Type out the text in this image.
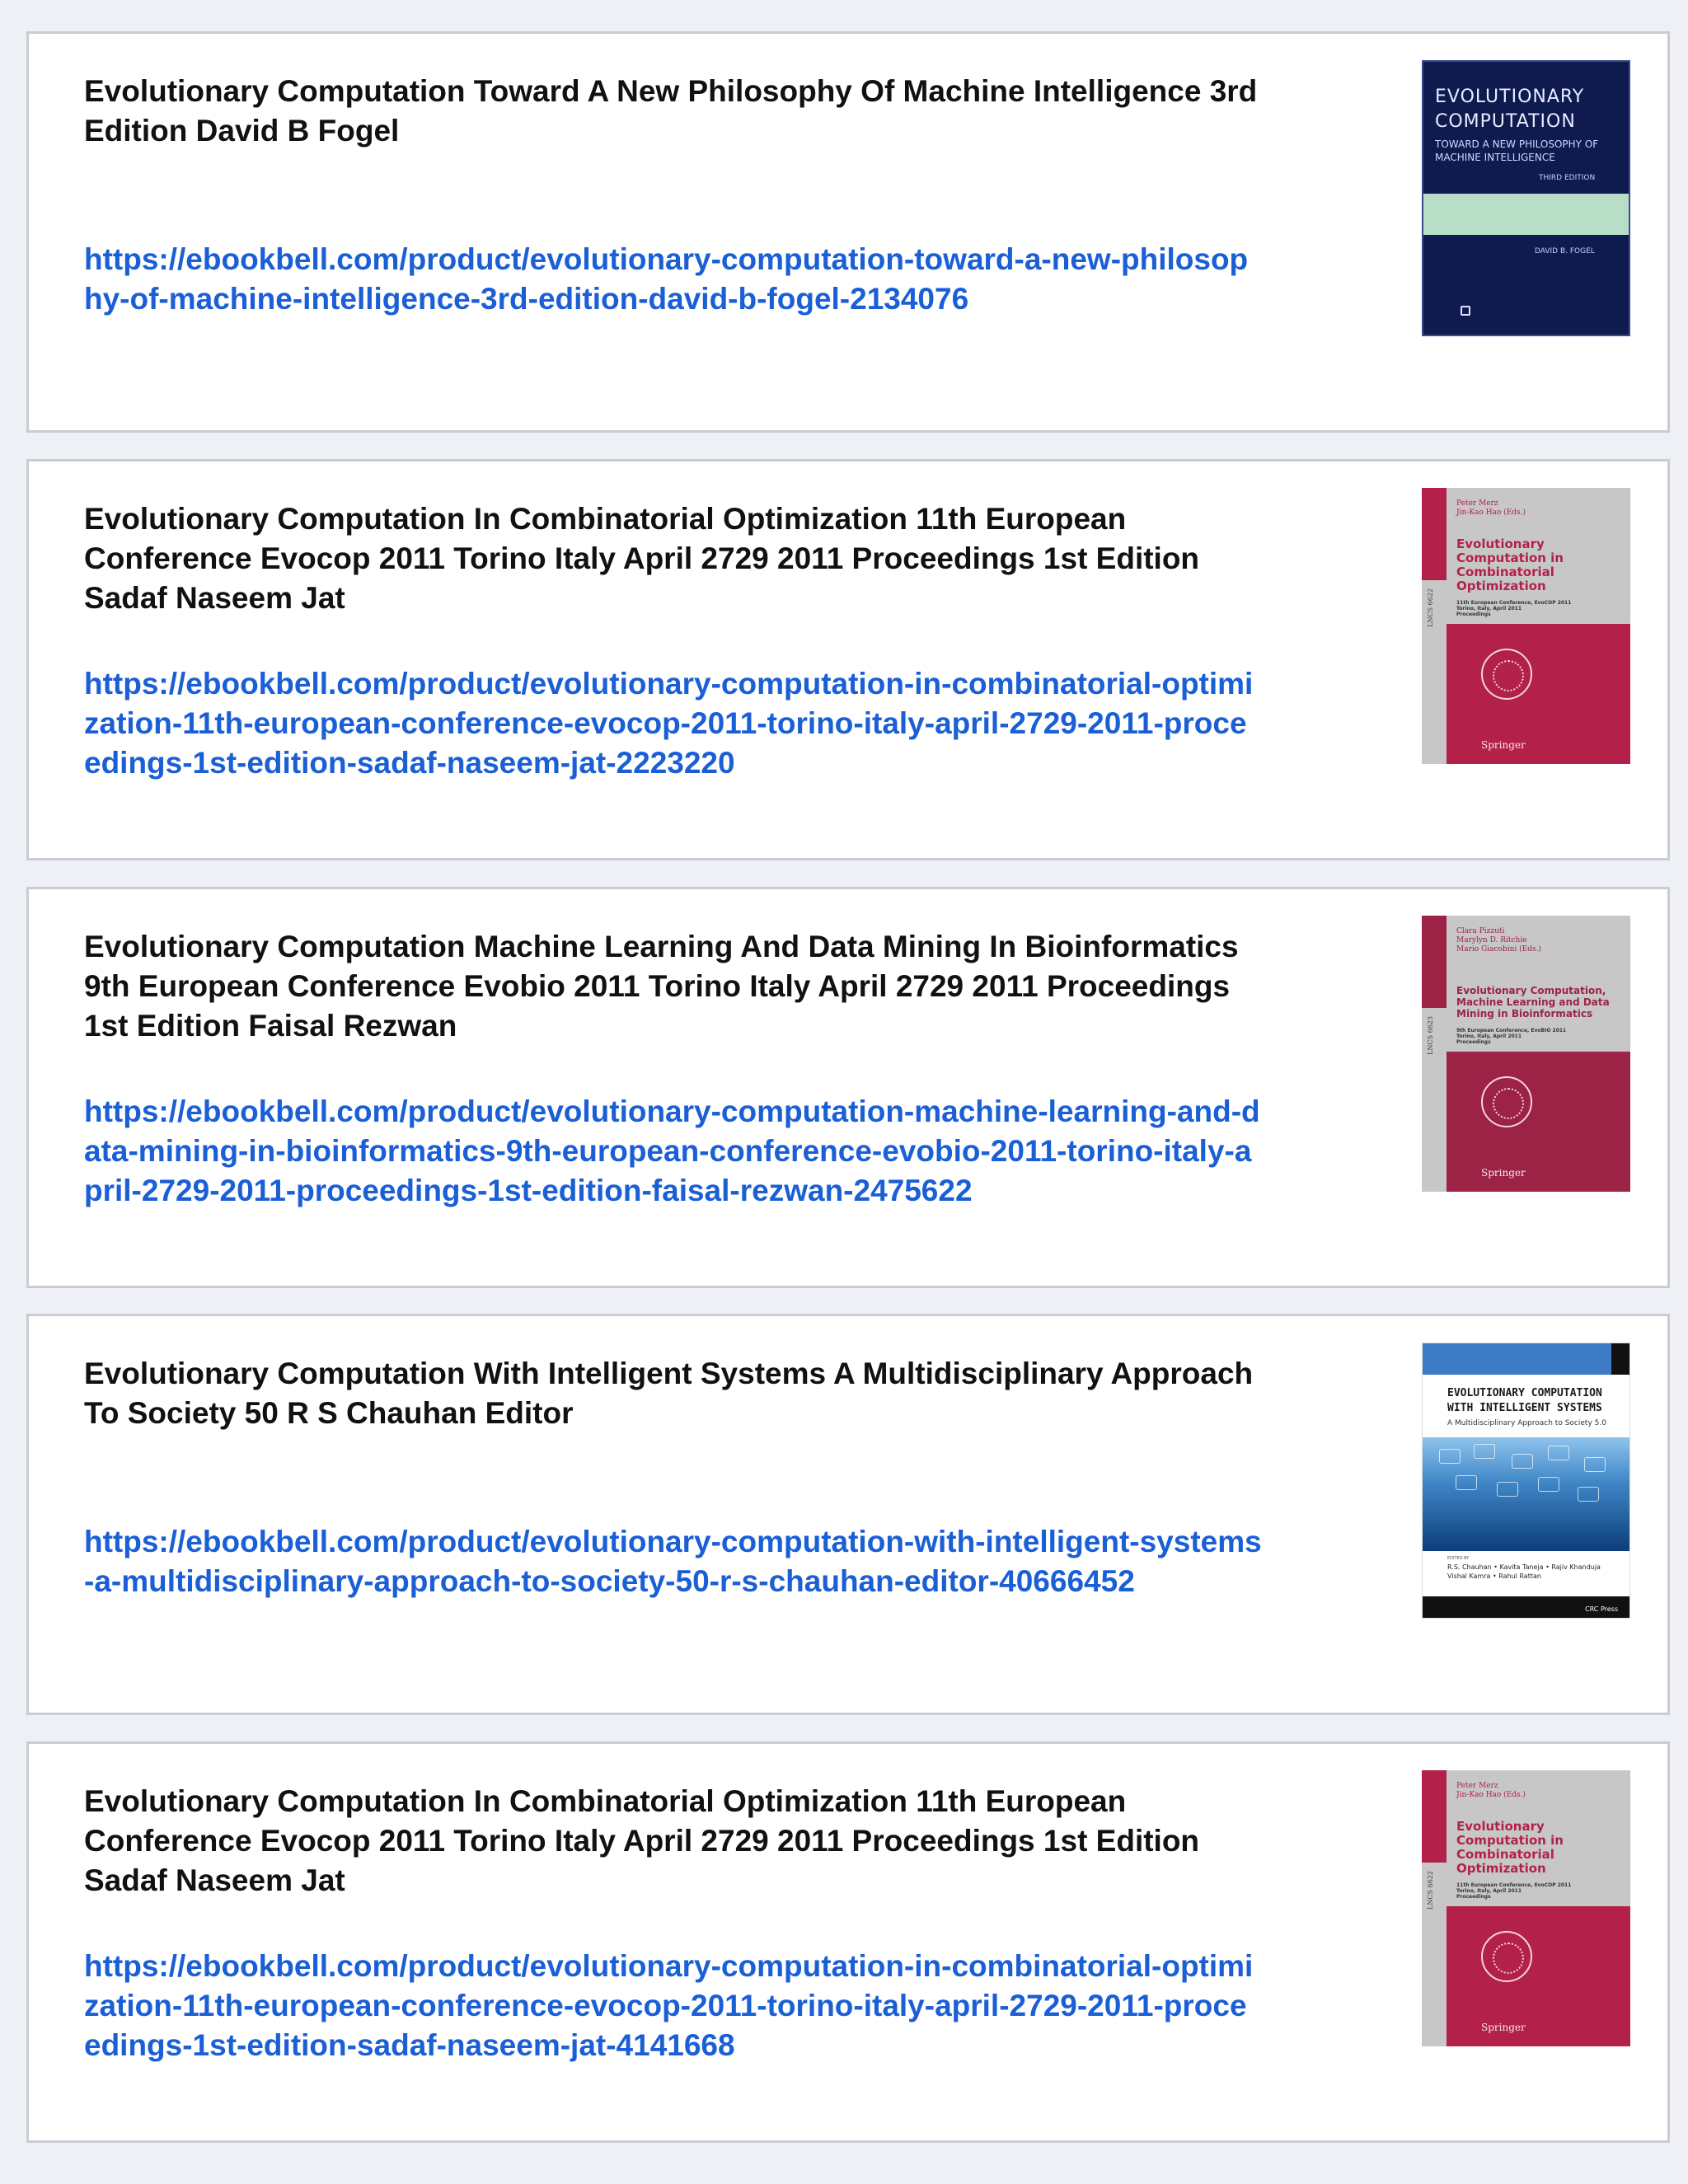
Evolutionary Computation Toward A New Philosophy Of Machine Intelligence 3rd Edition David B Fogel
https://ebookbell.com/product/evolutionary-computation-toward-a-new-philosophy-of-machine-intelligence-3rd-edition-david-b-fogel-2134076
EVOLUTIONARY
COMPUTATION
TOWARD A NEW PHILOSOPHY OF MACHINE INTELLIGENCE
THIRD EDITION
DAVID B. FOGEL
Evolutionary Computation In Combinatorial Optimization 11th European Conference Evocop 2011 Torino Italy April 2729 2011 Proceedings 1st Edition Sadaf Naseem Jat
https://ebookbell.com/product/evolutionary-computation-in-combinatorial-optimization-11th-european-conference-evocop-2011-torino-italy-april-2729-2011-proceedings-1st-edition-sadaf-naseem-jat-2223220
LNCS 6622
Peter Merz
Jin-Kao Hao (Eds.)
Evolutionary Computation in Combinatorial Optimization
11th European Conference, EvoCOP 2011
Torino, Italy, April 2011
Proceedings
Springer
Evolutionary Computation Machine Learning And Data Mining In Bioinformatics 9th European Conference Evobio 2011 Torino Italy April 2729 2011 Proceedings 1st Edition Faisal Rezwan
https://ebookbell.com/product/evolutionary-computation-machine-learning-and-data-mining-in-bioinformatics-9th-european-conference-evobio-2011-torino-italy-april-2729-2011-proceedings-1st-edition-faisal-rezwan-2475622
LNCS 6623
Clara Pizzuti
Marylyn D. Ritchie
Mario Giacobini (Eds.)
Evolutionary Computation, Machine Learning and Data Mining in Bioinformatics
9th European Conference, EvoBIO 2011
Torino, Italy, April 2011
Proceedings
Springer
Evolutionary Computation With Intelligent Systems A Multidisciplinary Approach To Society 50 R S Chauhan Editor
https://ebookbell.com/product/evolutionary-computation-with-intelligent-systems-a-multidisciplinary-approach-to-society-50-r-s-chauhan-editor-40666452
EVOLUTIONARY COMPUTATION WITH INTELLIGENT SYSTEMS
A Multidisciplinary Approach to Society 5.0
EDITED BY
R.S. Chauhan • Kavita Taneja • Rajiv Khanduja
Vishal Kamra • Rahul Rattan
CRC Press
Evolutionary Computation In Combinatorial Optimization 11th European Conference Evocop 2011 Torino Italy April 2729 2011 Proceedings 1st Edition Sadaf Naseem Jat
https://ebookbell.com/product/evolutionary-computation-in-combinatorial-optimization-11th-european-conference-evocop-2011-torino-italy-april-2729-2011-proceedings-1st-edition-sadaf-naseem-jat-4141668
LNCS 6622
Peter Merz
Jin-Kao Hao (Eds.)
Evolutionary Computation in Combinatorial Optimization
11th European Conference, EvoCOP 2011
Torino, Italy, April 2011
Proceedings
Springer
